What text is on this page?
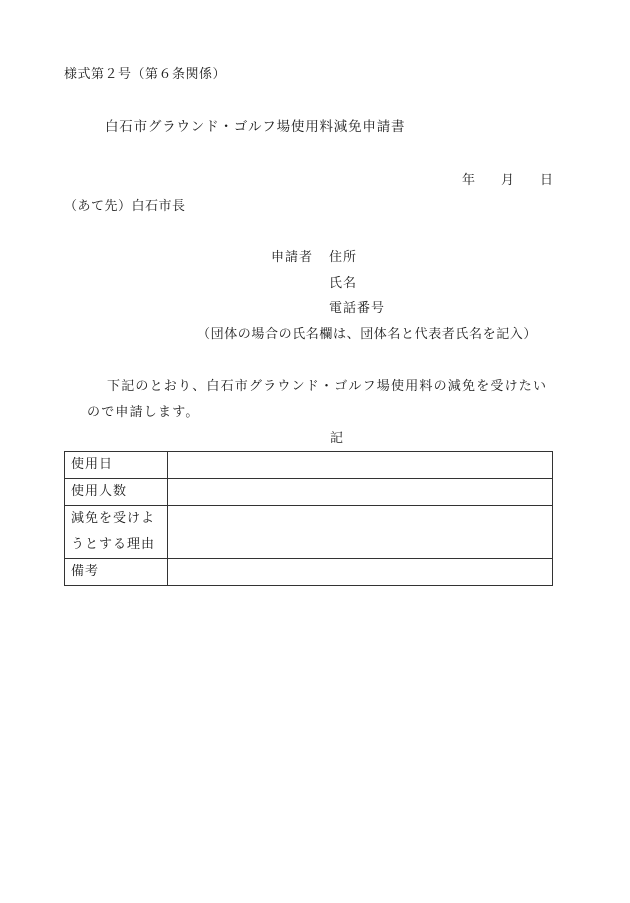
様式第２号（第６条関係）
白石市グラウンド・ゴルフ場使用料減免申請書
年 月 日
（あて先）白石市長
申請者 住所
氏名
電話番号
（団体の場合の氏名欄は、団体名と代表者氏名を記入）
下記のとおり、白石市グラウンド・ゴルフ場使用料の減免を受けたい
ので申請します。
記
使用日	
使用人数	

減免を受けよ
うとする理由	

備考	
